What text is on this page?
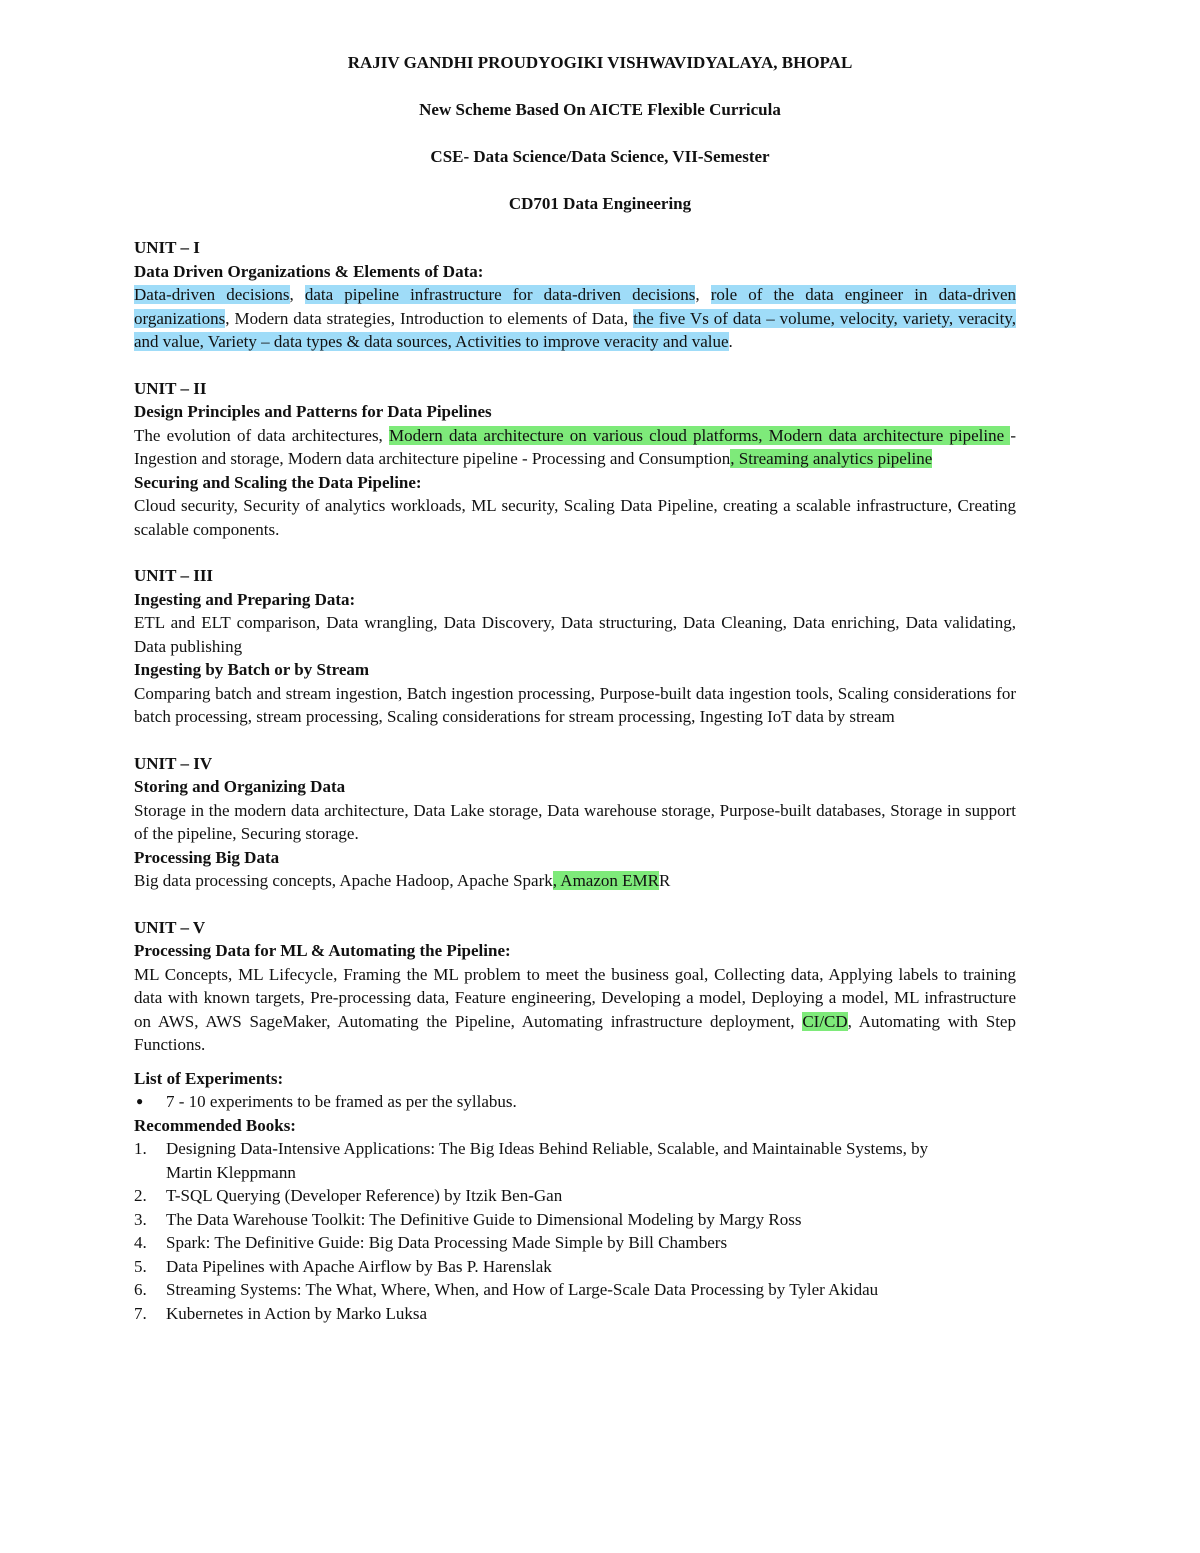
RAJIV GANDHI PROUDYOGIKI VISHWAVIDYALAYA, BHOPAL
New Scheme Based On AICTE Flexible Curricula
CSE- Data Science/Data Science, VII-Semester
CD701 Data Engineering
UNIT – I
Data Driven Organizations & Elements of Data:
Data-driven decisions, data pipeline infrastructure for data-driven decisions, role of the data engineer in data-driven organizations, Modern data strategies, Introduction to elements of Data, the five Vs of data – volume, velocity, variety, veracity, and value, Variety – data types & data sources, Activities to improve veracity and value.
UNIT – II
Design Principles and Patterns for Data Pipelines
The evolution of data architectures, Modern data architecture on various cloud platforms, Modern data architecture pipeline - Ingestion and storage, Modern data architecture pipeline - Processing and Consumption, Streaming analytics pipeline
Securing and Scaling the Data Pipeline:
Cloud security, Security of analytics workloads, ML security, Scaling Data Pipeline, creating a scalable infrastructure, Creating scalable components.
UNIT – III
Ingesting and Preparing Data:
ETL and ELT comparison, Data wrangling, Data Discovery, Data structuring, Data Cleaning, Data enriching, Data validating, Data publishing
Ingesting by Batch or by Stream
Comparing batch and stream ingestion, Batch ingestion processing, Purpose-built data ingestion tools, Scaling considerations for batch processing, stream processing, Scaling considerations for stream processing, Ingesting IoT data by stream
UNIT – IV
Storing and Organizing Data
Storage in the modern data architecture, Data Lake storage, Data warehouse storage, Purpose-built databases, Storage in support of the pipeline, Securing storage.
Processing Big Data
Big data processing concepts, Apache Hadoop, Apache Spark, Amazon EMRR
UNIT – V
Processing Data for ML & Automating the Pipeline:
ML Concepts, ML Lifecycle, Framing the ML problem to meet the business goal, Collecting data, Applying labels to training data with known targets, Pre-processing data, Feature engineering, Developing a model, Deploying a model, ML infrastructure on AWS, AWS SageMaker, Automating the Pipeline, Automating infrastructure deployment, CI/CD, Automating with Step Functions.
List of Experiments:
● 7 - 10 experiments to be framed as per the syllabus.
Recommended Books:
1. Designing Data-Intensive Applications: The Big Ideas Behind Reliable, Scalable, and Maintainable Systems, by Martin Kleppmann
2. T-SQL Querying (Developer Reference) by Itzik Ben-Gan
3. The Data Warehouse Toolkit: The Definitive Guide to Dimensional Modeling by Margy Ross
4. Spark: The Definitive Guide: Big Data Processing Made Simple by Bill Chambers
5. Data Pipelines with Apache Airflow by Bas P. Harenslak
6. Streaming Systems: The What, Where, When, and How of Large-Scale Data Processing by Tyler Akidau
7. Kubernetes in Action by Marko Luksa
